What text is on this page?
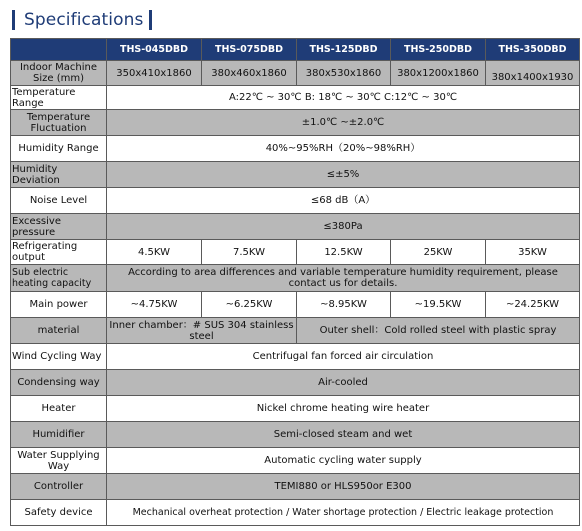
Specifications
	THS-045DBD	THS-075DBD	THS-125DBD	THS-250DBD	THS-350DBD
Indoor Machine Size (mm)	350x410x1860	380x460x1860	380x530x1860	380x1200x1860	380x1400x1930

Temperature Range	A:22℃ ~ 30℃ B: 18℃ ~ 30℃ C:12℃ ~ 30℃				
Temperature Fluctuation	±1.0℃ ~±2.0℃				
Humidity Range	40%~95%RH（20%~98%RH）				
Humidity Deviation	≤±5%				
Noise Level	≤68 dB（A）				
Excessive pressure	≤380Pa				
Refrigerating output	4.5KW	7.5KW	12.5KW	25KW	35KW
Sub electric heating capacity	According to area differences and variable temperature humidity requirement, please contact us for details.				
Main power	~4.75KW	~6.25KW	~8.95KW	~19.5KW	~24.25KW
material	Inner chamber：# SUS 304 stainless steel		Outer shell：Cold rolled steel with plastic spray		
Wind Cycling Way	Centrifugal fan forced air circulation				
Condensing way	Air-cooled				
Heater	Nickel chrome heating wire heater				
Humidifier	Semi-closed steam and wet				
Water Supplying Way	Automatic cycling water supply				
Controller	TEMI880 or HLS950or E300				
Safety device	Mechanical overheat protection / Water shortage protection / Electric leakage protection				
